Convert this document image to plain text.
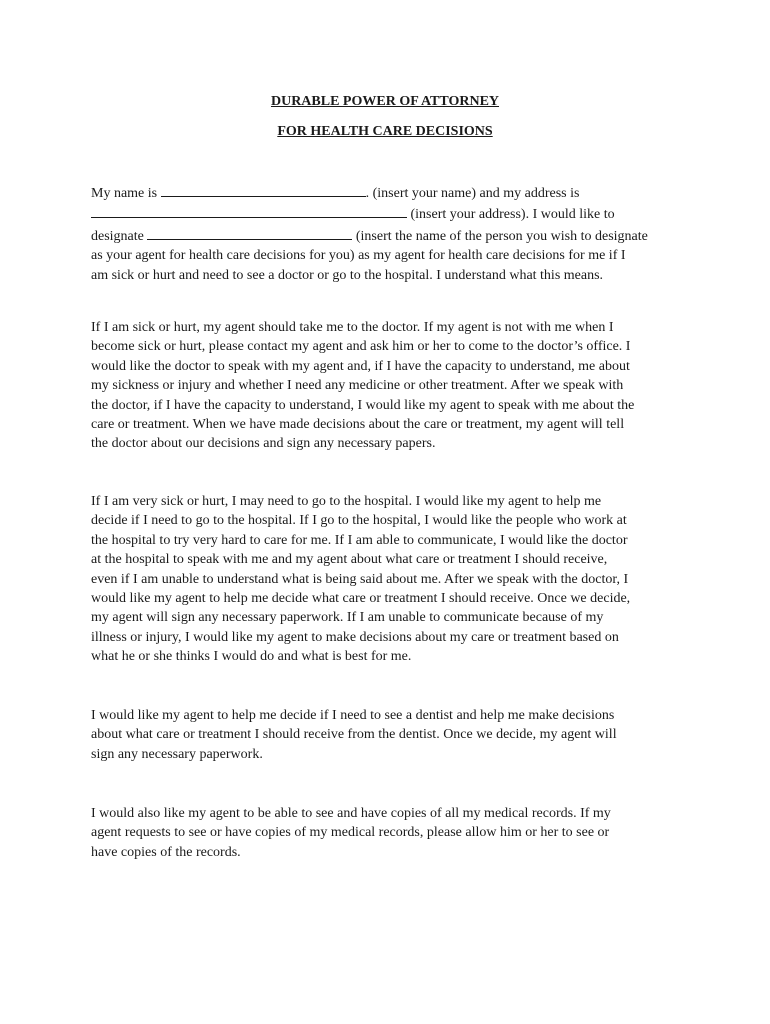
DURABLE POWER OF ATTORNEY
FOR HEALTH CARE DECISIONS
My name is	. (insert your name) and my address is
(insert your address). I would like to
designate	(insert the name of the person you wish to designate
as your agent for health care decisions for you) as my agent for health care decisions for me if I
am sick or hurt and need to see a doctor or go to the hospital. I understand what this means.
If I am sick or hurt, my agent should take me to the doctor. If my agent is not with me when I
become sick or hurt, please contact my agent and ask him or her to come to the doctor’s office. I
would like the doctor to speak with my agent and, if I have the capacity to understand, me about
my sickness or injury and whether I need any medicine or other treatment. After we speak with
the doctor, if I have the capacity to understand, I would like my agent to speak with me about the
care or treatment. When we have made decisions about the care or treatment, my agent will tell
the doctor about our decisions and sign any necessary papers.
If I am very sick or hurt, I may need to go to the hospital. I would like my agent to help me
decide if I need to go to the hospital. If I go to the hospital, I would like the people who work at
the hospital to try very hard to care for me. If I am able to communicate, I would like the doctor
at the hospital to speak with me and my agent about what care or treatment I should receive,
even if I am unable to understand what is being said about me. After we speak with the doctor, I
would like my agent to help me decide what care or treatment I should receive. Once we decide,
my agent will sign any necessary paperwork. If I am unable to communicate because of my
illness or injury, I would like my agent to make decisions about my care or treatment based on
what he or she thinks I would do and what is best for me.
I would like my agent to help me decide if I need to see a dentist and help me make decisions
about what care or treatment I should receive from the dentist. Once we decide, my agent will
sign any necessary paperwork.
I would also like my agent to be able to see and have copies of all my medical records. If my
agent requests to see or have copies of my medical records, please allow him or her to see or
have copies of the records.
